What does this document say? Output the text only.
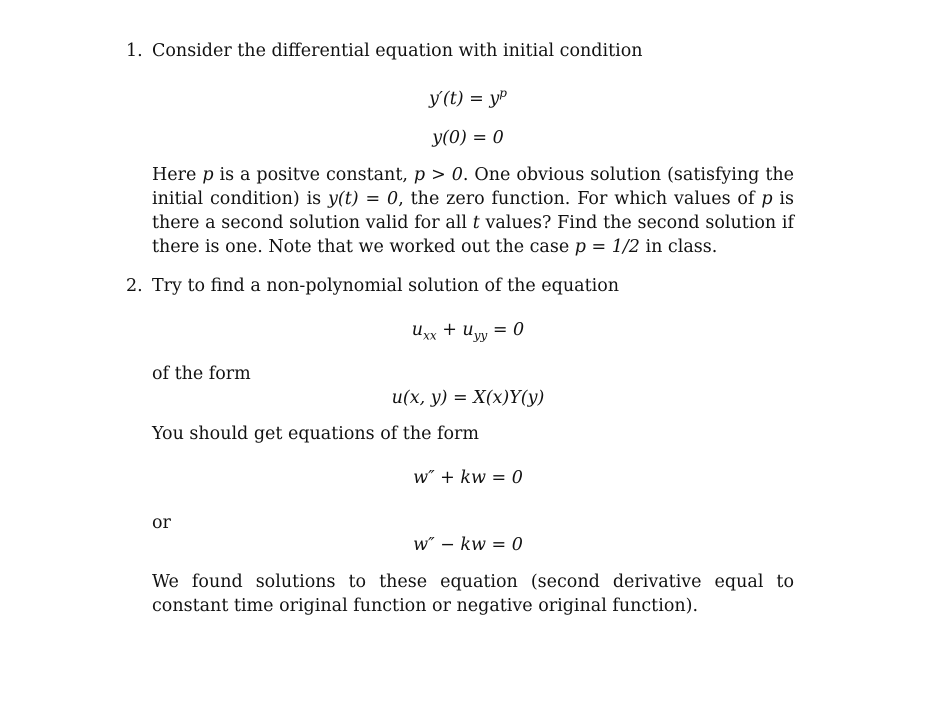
1. Consider the differential equation with initial condition
$y'(t) = y^p$
y(0) = 0
Here p is a positve constant, p > 0. One obvious solution (satisfying the initial condition) is y(t) = 0, the zero function. For which values of p is there a second solution valid for all t values? Find the second solution if there is one. Note that we worked out the case p = 1/2 in class.
2. Try to find a non-polynomial solution of the equation
$u_{xx} + u_{yy} = 0$
of the form
u(x, y) = X(x)Y(y)
You should get equations of the form
w″ + kw = 0
or
w″ − kw = 0
We found solutions to these equation (second derivative equal to constant time original function or negative original function).
